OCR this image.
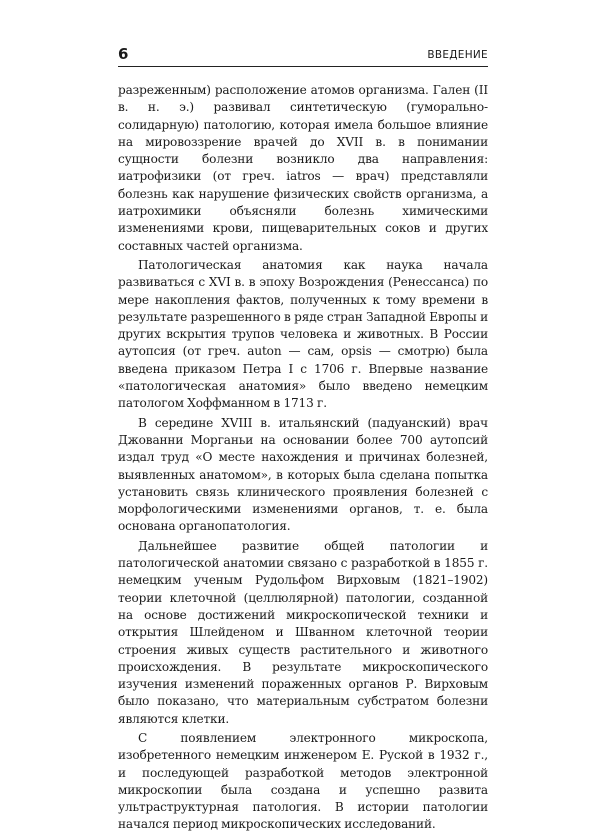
6	ВВЕДЕНИЕ

разреженным) расположение атомов организма. Гален (II в. н. э.) развивал синтетическую (гуморально-солидарную) патологию, которая имела большое влияние на мировоззрение врачей до XVII в. в понимании сущности болезни возникло два направления: иатрофизики (от греч. iatros — врач) представляли болезнь как нарушение физических свойств организма, а иатрохимики объясняли болезнь химическими изменениями крови, пищеварительных соков и других составных частей организма.

Патологическая анатомия как наука начала развиваться с XVI в. в эпоху Возрождения (Ренессанса) по мере накопления фактов, полученных к тому времени в результате разрешенного в ряде стран Западной Европы и других вскрытия трупов человека и животных. В России аутопсия (от греч. auton — сам, opsis — смотрю) была введена приказом Петра I с 1706 г. Впервые название «патологическая анатомия» было введено немецким патологом Хоффманном в 1713 г.

В середине XVIII в. итальянский (падуанский) врач Джованни Морганьи на основании более 700 аутопсий издал труд «О месте нахождения и причинах болезней, выявленных анатомом», в которых была сделана попытка установить связь клинического проявления болезней с морфологическими изменениями органов, т. е. была основана органопатология.

Дальнейшее развитие общей патологии и патологической анатомии связано с разработкой в 1855 г. немецким ученым Рудольфом Вирховым (1821–1902) теории клеточной (целлюлярной) патологии, созданной на основе достижений микроскопической техники и открытия Шлейденом и Шванном клеточной теории строения живых существ растительного и животного происхождения. В результате микроскопического изучения изменений пораженных органов Р. Вирховым было показано, что материальным субстратом болезни являются клетки.

С появлением электронного микроскопа, изобретенного немецким инженером Е. Руской в 1932 г., и последующей разработкой методов электронной микроскопии была создана и успешно развита ультраструктурная патология. В истории патологии начался период микроскопических исследований.
